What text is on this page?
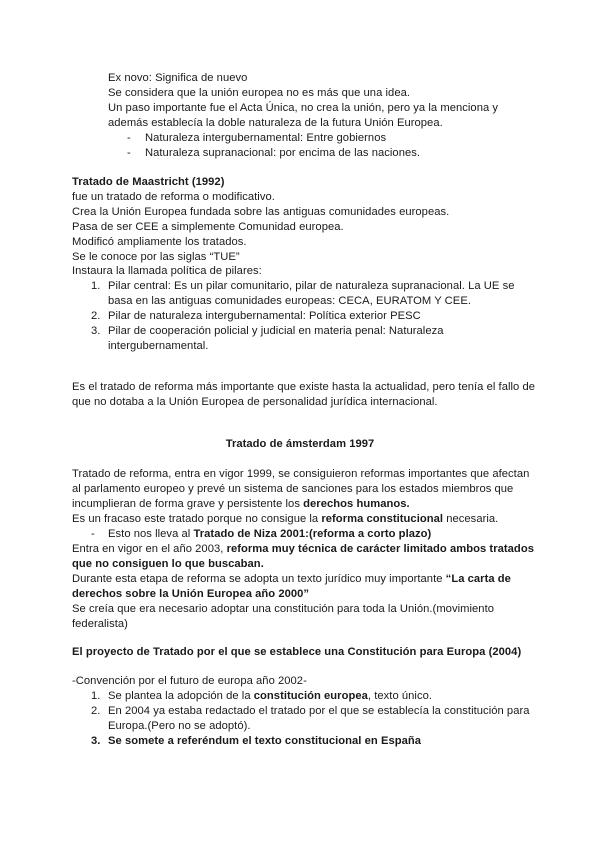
Ex novo: Significa de nuevo
Se considera que la unión europea no es más que una idea.
Un paso importante fue el Acta Única, no crea la unión, pero ya la menciona y
además establecía la doble naturaleza de la futura Unión Europea.
- Naturaleza intergubernamental: Entre gobiernos
- Naturaleza supranacional: por encima de las naciones.
Tratado de Maastricht (1992)
fue un tratado de reforma o modificativo.
Crea la Unión Europea fundada sobre las antiguas comunidades europeas.
Pasa de ser CEE a simplemente Comunidad europea.
Modificó ampliamente los tratados.
Se le conoce por las siglas “TUE”
Instaura la llamada política de pilares:
1. Pilar central: Es un pilar comunitario, pilar de naturaleza supranacional. La UE se
basa en las antiguas comunidades europeas: CECA, EURATOM Y CEE.
2. Pilar de naturaleza intergubernamental: Política exterior PESC
3. Pilar de cooperación policial y judicial en materia penal: Naturaleza
intergubernamental.
Es el tratado de reforma más importante que existe hasta la actualidad, pero tenía el fallo de
que no dotaba a la Unión Europea de personalidad jurídica internacional.
Tratado de ámsterdam 1997
Tratado de reforma, entra en vigor 1999, se consiguieron reformas importantes que afectan
al parlamento europeo y prevé un sistema de sanciones para los estados miembros que
incumplieran de forma grave y persistente los derechos humanos.
Es un fracaso este tratado porque no consigue la reforma constitucional necesaria.
- Esto nos lleva al Tratado de Niza 2001:(reforma a corto plazo)
Entra en vigor en el año 2003, reforma muy técnica de carácter limitado ambos tratados
que no consiguen lo que buscaban.
Durante esta etapa de reforma se adopta un texto jurídico muy importante “La carta de
derechos sobre la Unión Europea año 2000”
Se creía que era necesario adoptar una constitución para toda la Unión.(movimiento
federalista)
El proyecto de Tratado por el que se establece una Constitución para Europa (2004)
-Convención por el futuro de europa año 2002-
1. Se plantea la adopción de la constitución europea, texto único.
2. En 2004 ya estaba redactado el tratado por el que se establecía la constitución para
Europa.(Pero no se adoptó).
3. Se somete a referéndum el texto constitucional en España
